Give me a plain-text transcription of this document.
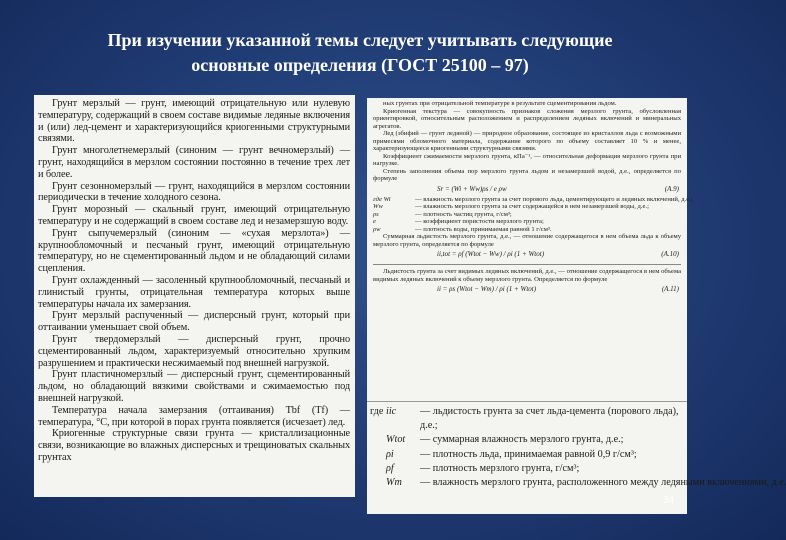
При изучении указанной темы следует учитывать следующие
основные определения (ГОСТ 25100 – 97)

Грунт мерзлый — грунт, имеющий отрицательную или нулевую температуру, содержащий в своем составе видимые ледяные включения и (или) лед-цемент и характеризующийся криогенными структурными связями.

Грунт многолетнемерзлый (синоним — грунт вечномерзлый) — грунт, находящийся в мерзлом состоянии постоянно в течение трех лет и более.

Грунт сезонномерзлый — грунт, находящийся в мерзлом состоянии периодически в течение холодного сезона.

Грунт морозный — скальный грунт, имеющий отрицательную температуру и не содержащий в своем составе лед и незамерзшую воду.

Грунт сыпучемерзлый (синоним — «сухая мерзлота») — крупнообломочный и песчаный грунт, имеющий отрицательную температуру, но не сцементированный льдом и не обладающий силами сцепления.

Грунт охлажденный — засоленный крупнообломочный, песчаный и глинистый грунты, отрицательная температура которых выше температуры начала их замерзания.

Грунт мерзлый распученный — дисперсный грунт, который при оттаивании уменьшает свой объем.

Грунт твердомерзлый — дисперсный грунт, прочно сцементированный льдом, характеризуемый относительно хрупким разрушением и практически несжимаемый под внешней нагрузкой.

Грунт пластичномерзлый — дисперсный грунт, сцементированный льдом, но обладающий вязкими свойствами и сжимаемостью под внешней нагрузкой.

Температура начала замерзания (оттаивания) Tbf (Tf) — температура, °С, при которой в порах грунта появляется (исчезает) лед.

Криогенные структурные связи грунта — кристаллизационные связи, возникающие во влажных дисперсных и трещиноватых скальных грунтах

ных грунтах при отрицательной температуре в результате сцементирования льдом.

Криогенная текстура — совокупность признаков сложения мерзлого грунта, обусловленная ориентировкой, относительным расположением и распределением ледяных включений и минеральных агрегатов.

Лед (эбифий — грунт ледяной) — природное образование, состоящее из кристаллов льда с возможными примесями обломочного материала, содержание которого по объему составляет 10 % и менее, характеризующееся криогенными структурными связями.

Коэффициент сжимаемости мерзлого грунта, кПа⁻¹, — относительная деформация мерзлого грунта при нагрузке.

Степень заполнения объема пор мерзлого грунта льдом и незамерзшей водой, д.е., определяется по формуле

Sr = (Wi + Ww)ρs / e ρw	(А.9)
где Wi	— влажность мерзлого грунта за счет порового льда, цементирующего и ледяных включений, д.е.;
Ww	— влажность мерзлого грунта за счет содержащейся в нем незамерзшей воды, д.е.;
ρs	— плотность частиц грунта, г/см³;
e	— коэффициент пористости мерзлого грунта;
ρw	— плотность воды, принимаемая равной 1 г/см³.

Суммарная льдистость мерзлого грунта, д.е., — отношение содержащегося в нем объема льда к объему мерзлого грунта, определяется по формуле

ii,tot = ρf (Wtot − Ww) / ρi (1 + Wtot)	(А.10)

Льдистость грунта за счет видимых ледяных включений, д.е., — отношение содержащегося в нем объема видимых ледяных включений к объему мерзлого грунта. Определяется по формуле

ii = ρs (Wtot − Wm) / ρi (1 + Wtot)	(А.11)
где iic — льдистость грунта за счет льда-цемента (порового льда),
д.е.;
Wtot — суммарная влажность мерзлого грунта, д.е.;
ρi	— плотность льда, принимаемая равной 0,9 г/см³;
ρf	— плотность мерзлого грунта, г/см³;
Wm — влажность мерзлого грунта, расположенного между ледяными включениями, д.е.
34
